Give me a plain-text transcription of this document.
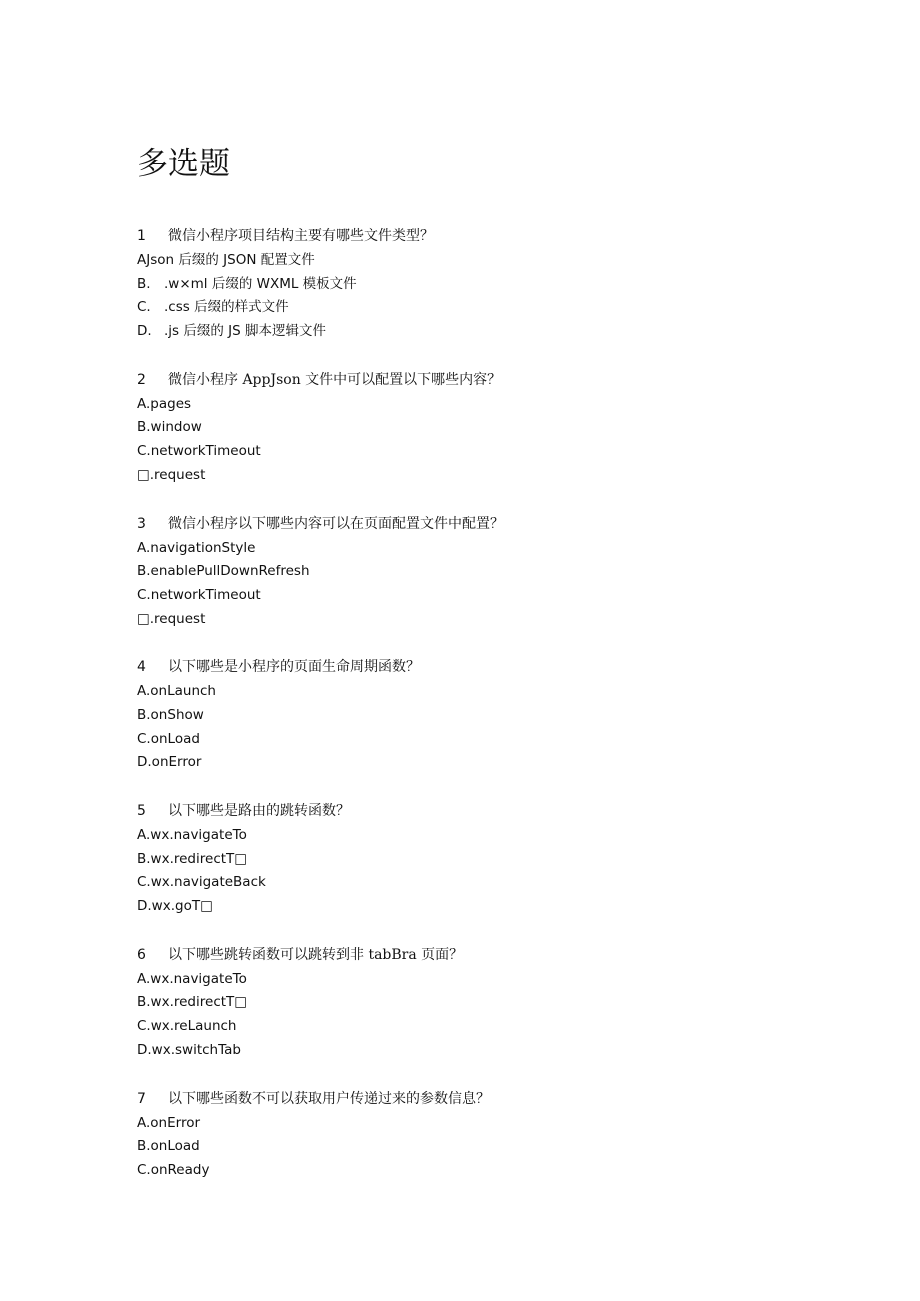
多选题
1	微信小程序项目结构主要有哪些文件类型？
AJson 后缀的 JSON 配置文件
B. .w×ml 后缀的 WXML 模板文件
C. .css 后缀的样式文件
D. .js 后缀的 JS 脚本逻辑文件
2	微信小程序 AppJson 文件中可以配置以下哪些内容？
A.pages
B.window
C.networkTimeout
□.request
3	微信小程序以下哪些内容可以在页面配置文件中配置？
A.navigationStyle
B.enablePullDownRefresh
C.networkTimeout
□.request
4	以下哪些是小程序的页面生命周期函数？
A.onLaunch
B.onShow
C.onLoad
D.onError
5	以下哪些是路由的跳转函数？
A.wx.navigateTo
B.wx.redirectT□
C.wx.navigateBack
D.wx.goT□
6	以下哪些跳转函数可以跳转到非 tabBra 页面？
A.wx.navigateTo
B.wx.redirectT□
C.wx.reLaunch
D.wx.switchTab
7	以下哪些函数不可以获取用户传递过来的参数信息？
A.onError
B.onLoad
C.onReady
